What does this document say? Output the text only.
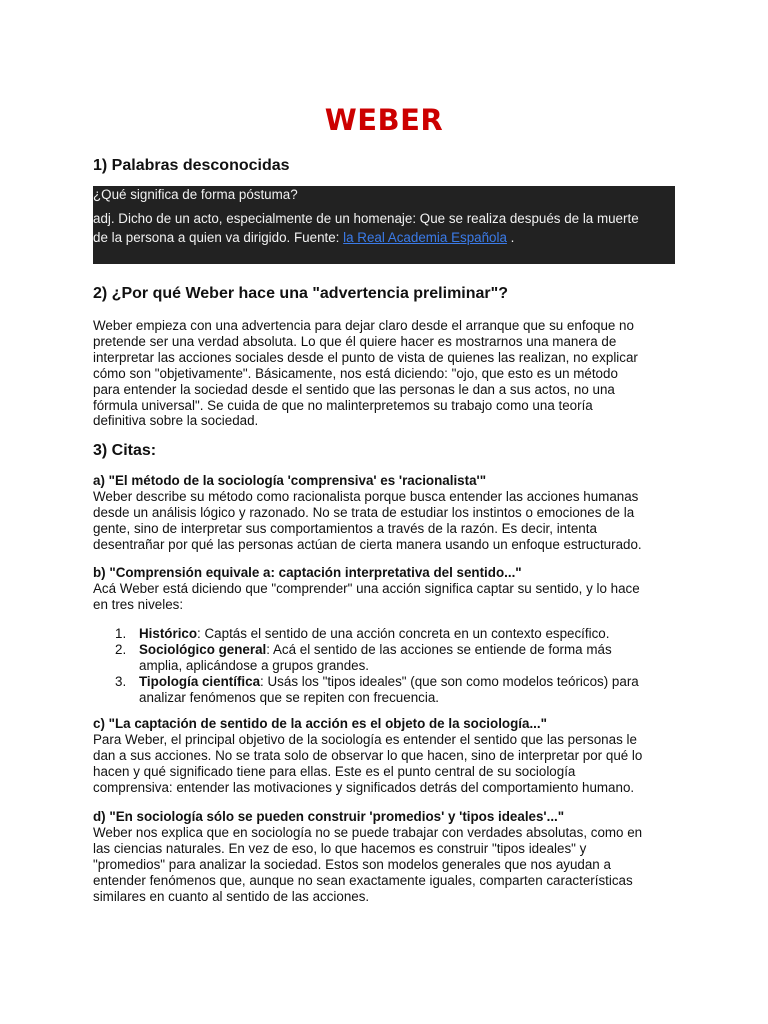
WEBER
1) Palabras desconocidas
¿Qué significa de forma póstuma?
adj. Dicho de un acto, especialmente de un homenaje: Que se realiza después de la muerte
de la persona a quien va dirigido. Fuente: la Real Academia Española .
2) ¿Por qué Weber hace una "advertencia preliminar"?
Weber empieza con una advertencia para dejar claro desde el arranque que su enfoque no
pretende ser una verdad absoluta. Lo que él quiere hacer es mostrarnos una manera de
interpretar las acciones sociales desde el punto de vista de quienes las realizan, no explicar
cómo son "objetivamente". Básicamente, nos está diciendo: "ojo, que esto es un método
para entender la sociedad desde el sentido que las personas le dan a sus actos, no una
fórmula universal". Se cuida de que no malinterpretemos su trabajo como una teoría
definitiva sobre la sociedad.
3) Citas:
a) "El método de la sociología 'comprensiva' es 'racionalista'"
Weber describe su método como racionalista porque busca entender las acciones humanas
desde un análisis lógico y razonado. No se trata de estudiar los instintos o emociones de la
gente, sino de interpretar sus comportamientos a través de la razón. Es decir, intenta
desentrañar por qué las personas actúan de cierta manera usando un enfoque estructurado.
b) "Comprensión equivale a: captación interpretativa del sentido..."
Acá Weber está diciendo que "comprender" una acción significa captar su sentido, y lo hace
en tres niveles:
1. Histórico: Captás el sentido de una acción concreta en un contexto específico.
2. Sociológico general: Acá el sentido de las acciones se entiende de forma más
amplia, aplicándose a grupos grandes.
3. Tipología científica: Usás los "tipos ideales" (que son como modelos teóricos) para
analizar fenómenos que se repiten con frecuencia.
c) "La captación de sentido de la acción es el objeto de la sociología..."
Para Weber, el principal objetivo de la sociología es entender el sentido que las personas le
dan a sus acciones. No se trata solo de observar lo que hacen, sino de interpretar por qué lo
hacen y qué significado tiene para ellas. Este es el punto central de su sociología
comprensiva: entender las motivaciones y significados detrás del comportamiento humano.
d) "En sociología sólo se pueden construir 'promedios' y 'tipos ideales'..."
Weber nos explica que en sociología no se puede trabajar con verdades absolutas, como en
las ciencias naturales. En vez de eso, lo que hacemos es construir "tipos ideales" y
"promedios" para analizar la sociedad. Estos son modelos generales que nos ayudan a
entender fenómenos que, aunque no sean exactamente iguales, comparten características
similares en cuanto al sentido de las acciones.
